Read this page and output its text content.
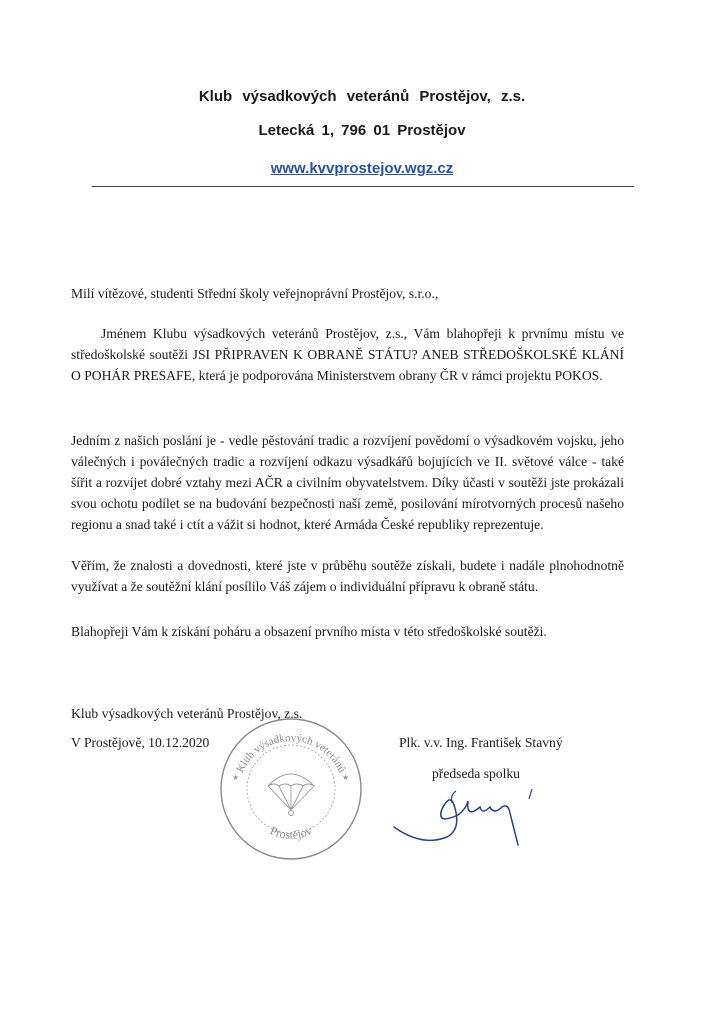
Klub výsadkových veteránů Prostějov, z.s.
Letecká 1, 796 01 Prostějov
www.kvvprostejov.wgz.cz
Milí vítězové, studenti Střední školy veřejnoprávní Prostějov, s.r.o.,
Jménem Klubu výsadkových veteránů Prostějov, z.s., Vám blahopřeji k prvnímu místu ve středoškolské soutěži JSI PŘIPRAVEN K OBRANĚ STÁTU? ANEB STŘEDOŠKOLSKÉ KLÁNÍ O POHÁR PRESAFE, která je podporována Ministerstvem obrany ČR v rámci projektu POKOS.
Jedním z našich poslání je - vedle pěstování tradic a rozvíjení povědomí o výsadkovém vojsku, jeho válečných i poválečných tradic a rozvíjení odkazu výsadkářů bojujících ve II. světové válce - také šířit a rozvíjet dobré vztahy mezi AČR a civilním obyvatelstvem. Díky účasti v soutěži jste prokázali svou ochotu podílet se na budování bezpečnosti naší země, posilování mírotvorných procesů našeho regionu a snad také i ctít a vážit si hodnot, které Armáda České republiky reprezentuje.
Věřím, že znalosti a dovednosti, které jste v průběhu soutěže získali, budete i nadále plnohodnotně využívat a že soutěžní klání posílilo Váš zájem o individuální přípravu k obraně státu.
Blahopřeji Vám k získání poháru a obsazení prvního místa v této středoškolské soutěži.
Klub výsadkových veteránů Prostějov, z.s.
V Prostějově, 10.12.2020	Plk. v.v. Ing. František Stavný
předseda spolku
Klub výsadkových veteránů
Prostějov
★	★
